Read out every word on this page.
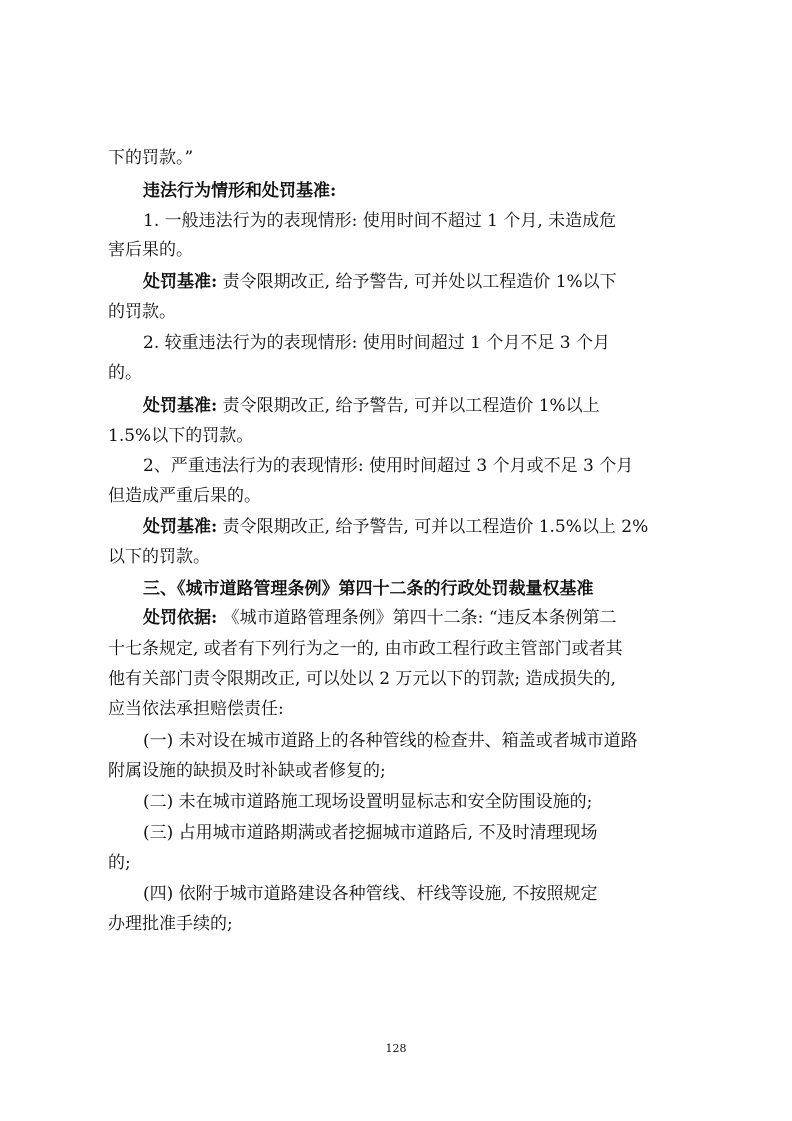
下的罚款。”
违法行为情形和处罚基准:
1. 一般违法行为的表现情形: 使用时间不超过 1 个月, 未造成危
害后果的。
处罚基准: 责令限期改正, 给予警告, 可并处以工程造价 1%以下
的罚款。
2. 较重违法行为的表现情形: 使用时间超过 1 个月不足 3 个月
的。
处罚基准: 责令限期改正, 给予警告, 可并以工程造价 1%以上
1.5%以下的罚款。
2、严重违法行为的表现情形: 使用时间超过 3 个月或不足 3 个月
但造成严重后果的。
处罚基准: 责令限期改正, 给予警告, 可并以工程造价 1.5%以上 2%
以下的罚款。
三、《城市道路管理条例》第四十二条的行政处罚裁量权基准
处罚依据: 《城市道路管理条例》第四十二条: “违反本条例第二
十七条规定, 或者有下列行为之一的, 由市政工程行政主管部门或者其
他有关部门责令限期改正, 可以处以 2 万元以下的罚款; 造成损失的,
应当依法承担赔偿责任:
(一) 未对设在城市道路上的各种管线的检查井、箱盖或者城市道路
附属设施的缺损及时补缺或者修复的;
(二) 未在城市道路施工现场设置明显标志和安全防围设施的;
(三) 占用城市道路期满或者挖掘城市道路后, 不及时清理现场
的;
(四) 依附于城市道路建设各种管线、杆线等设施, 不按照规定
办理批准手续的;
128
